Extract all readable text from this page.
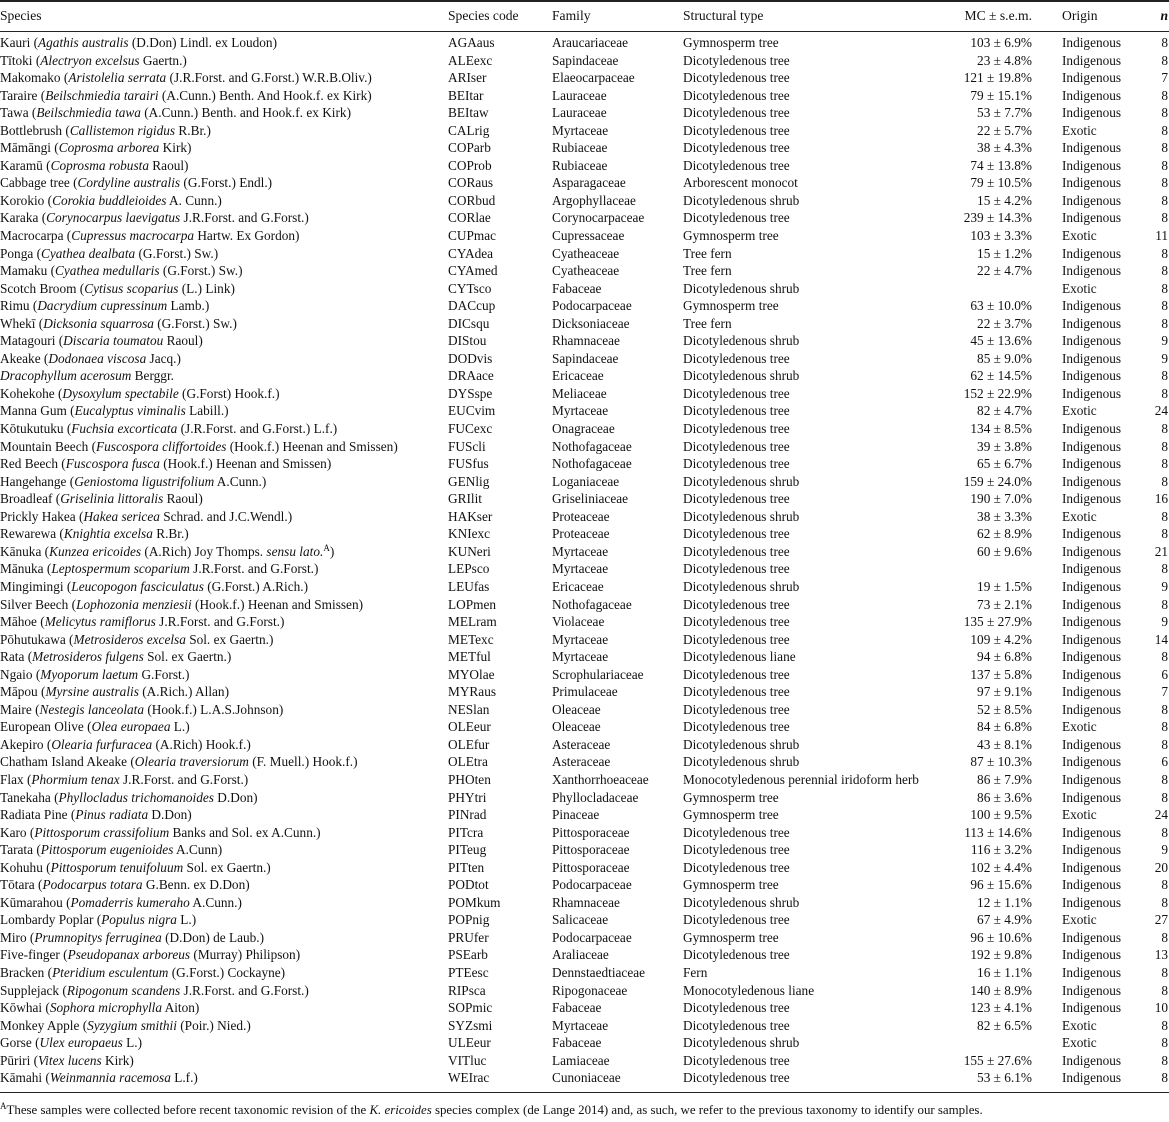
Species	Species code Family	Structural type	MC ± s.e.m. Origin	n
Kauri (Agathis australis (D.Don) Lindl. ex Loudon)	AGAaus	Araucariaceae	Gymnosperm tree	103 ± 6.9% Indigenous	8
Tītoki (Alectryon excelsus Gaertn.)	ALEexc	Sapindaceae	Dicotyledenous tree	23 ± 4.8% Indigenous	8
Makomako (Aristolelia serrata (J.R.Forst. and G.Forst.) W.R.B.Oliv.)	ARIser	Elaeocarpaceae	Dicotyledenous tree	121 ± 19.8% Indigenous	7
Taraire (Beilschmiedia tarairi (A.Cunn.) Benth. And Hook.f. ex Kirk)	BEItar	Lauraceae	Dicotyledenous tree	79 ± 15.1% Indigenous	8
Tawa (Beilschmiedia tawa (A.Cunn.) Benth. and Hook.f. ex Kirk)	BEItaw	Lauraceae	Dicotyledenous tree	53 ± 7.7% Indigenous	8
Bottlebrush (Callistemon rigidus R.Br.)	CALrig	Myrtaceae	Dicotyledenous tree	22 ± 5.7% Exotic	8
Māmāngi (Coprosma arborea Kirk)	COParb	Rubiaceae	Dicotyledenous tree	38 ± 4.3% Indigenous	8
Karamū (Coprosma robusta Raoul)	COProb	Rubiaceae	Dicotyledenous tree	74 ± 13.8% Indigenous	8
Cabbage tree (Cordyline australis (G.Forst.) Endl.)	CORaus	Asparagaceae	Arborescent monocot	79 ± 10.5% Indigenous	8
Korokio (Corokia buddleioides A. Cunn.)	CORbud	Argophyllaceae	Dicotyledenous shrub	15 ± 4.2% Indigenous	8
Karaka (Corynocarpus laevigatus J.R.Forst. and G.Forst.)	CORlae	Corynocarpaceae	Dicotyledenous tree	239 ± 14.3% Indigenous	8
Macrocarpa (Cupressus macrocarpa Hartw. Ex Gordon)	CUPmac	Cupressaceae	Gymnosperm tree	103 ± 3.3% Exotic	11
Ponga (Cyathea dealbata (G.Forst.) Sw.)	CYAdea	Cyatheaceae	Tree fern	15 ± 1.2% Indigenous	8
Mamaku (Cyathea medullaris (G.Forst.) Sw.)	CYAmed	Cyatheaceae	Tree fern	22 ± 4.7% Indigenous	8
Scotch Broom (Cytisus scoparius (L.) Link)	CYTsco	Fabaceae	Dicotyledenous shrub	Exotic	8
Rimu (Dacrydium cupressinum Lamb.)	DACcup	Podocarpaceae	Gymnosperm tree	63 ± 10.0% Indigenous	8
Whekī (Dicksonia squarrosa (G.Forst.) Sw.)	DICsqu	Dicksoniaceae	Tree fern	22 ± 3.7% Indigenous	8
Matagouri (Discaria toumatou Raoul)	DIStou	Rhamnaceae	Dicotyledenous shrub	45 ± 13.6% Indigenous	9
Akeake (Dodonaea viscosa Jacq.)	DODvis	Sapindaceae	Dicotyledenous tree	85 ± 9.0% Indigenous	9
Dracophyllum acerosum Berggr.	DRAace	Ericaceae	Dicotyledenous shrub	62 ± 14.5% Indigenous	8
Kohekohe (Dysoxylum spectabile (G.Forst) Hook.f.)	DYSspe	Meliaceae	Dicotyledenous tree	152 ± 22.9% Indigenous	8
Manna Gum (Eucalyptus viminalis Labill.)	EUCvim	Myrtaceae	Dicotyledenous tree	82 ± 4.7% Exotic	24
Kōtukutuku (Fuchsia excorticata (J.R.Forst. and G.Forst.) L.f.)	FUCexc	Onagraceae	Dicotyledenous tree	134 ± 8.5% Indigenous	8
Mountain Beech (Fuscospora cliffortoides (Hook.f.) Heenan and Smissen)	FUScli	Nothofagaceae	Dicotyledenous tree	39 ± 3.8% Indigenous	8
Red Beech (Fuscospora fusca (Hook.f.) Heenan and Smissen)	FUSfus	Nothofagaceae	Dicotyledenous tree	65 ± 6.7% Indigenous	8
Hangehange (Geniostoma ligustrifolium A.Cunn.)	GENlig	Loganiaceae	Dicotyledenous shrub	159 ± 24.0% Indigenous	8
Broadleaf (Griselinia littoralis Raoul)	GRIlit	Griseliniaceae	Dicotyledenous tree	190 ± 7.0% Indigenous	16
Prickly Hakea (Hakea sericea Schrad. and J.C.Wendl.)	HAKser	Proteaceae	Dicotyledenous shrub	38 ± 3.3% Exotic	8
Rewarewa (Knightia excelsa R.Br.)	KNIexc	Proteaceae	Dicotyledenous tree	62 ± 8.9% Indigenous	8
Kānuka (Kunzea ericoides (A.Rich) Joy Thomps. sensu lato.$^A$)	KUNeri	Myrtaceae	Dicotyledenous tree	60 ± 9.6% Indigenous	21
Mānuka (Leptospermum scoparium J.R.Forst. and G.Forst.)	LEPsco	Myrtaceae	Dicotyledenous tree	Indigenous	8
Mingimingi (Leucopogon fasciculatus (G.Forst.) A.Rich.)	LEUfas	Ericaceae	Dicotyledenous shrub	19 ± 1.5% Indigenous	9
Silver Beech (Lophozonia menziesii (Hook.f.) Heenan and Smissen)	LOPmen	Nothofagaceae	Dicotyledenous tree	73 ± 2.1% Indigenous	8
Māhoe (Melicytus ramiflorus J.R.Forst. and G.Forst.)	MELram	Violaceae	Dicotyledenous tree	135 ± 27.9% Indigenous	9
Pōhutukawa (Metrosideros excelsa Sol. ex Gaertn.)	METexc	Myrtaceae	Dicotyledenous tree	109 ± 4.2% Indigenous	14
Rata (Metrosideros fulgens Sol. ex Gaertn.)	METful	Myrtaceae	Dicotyledenous liane	94 ± 6.8% Indigenous	8
Ngaio (Myoporum laetum G.Forst.)	MYOlae	Scrophulariaceae	Dicotyledenous tree	137 ± 5.8% Indigenous	6
Māpou (Myrsine australis (A.Rich.) Allan)	MYRaus	Primulaceae	Dicotyledenous tree	97 ± 9.1% Indigenous	7
Maire (Nestegis lanceolata (Hook.f.) L.A.S.Johnson)	NESlan	Oleaceae	Dicotyledenous tree	52 ± 8.5% Indigenous	8
European Olive (Olea europaea L.)	OLEeur	Oleaceae	Dicotyledenous tree	84 ± 6.8% Exotic	8
Akepiro (Olearia furfuracea (A.Rich) Hook.f.)	OLEfur	Asteraceae	Dicotyledenous shrub	43 ± 8.1% Indigenous	8
Chatham Island Akeake (Olearia traversiorum (F. Muell.) Hook.f.)	OLEtra	Asteraceae	Dicotyledenous shrub	87 ± 10.3% Indigenous	6
Flax (Phormium tenax J.R.Forst. and G.Forst.)	PHOten	Xanthorrhoeaceae	Monocotyledenous perennial iridoform herb	86 ± 7.9% Indigenous	8
Tanekaha (Phyllocladus trichomanoides D.Don)	PHYtri	Phyllocladaceae	Gymnosperm tree	86 ± 3.6% Indigenous	8
Radiata Pine (Pinus radiata D.Don)	PINrad	Pinaceae	Gymnosperm tree	100 ± 9.5% Exotic	24
Karo (Pittosporum crassifolium Banks and Sol. ex A.Cunn.)	PITcra	Pittosporaceae	Dicotyledenous tree	113 ± 14.6% Indigenous	8
Tarata (Pittosporum eugenioides A.Cunn)	PITeug	Pittosporaceae	Dicotyledenous tree	116 ± 3.2% Indigenous	9
Kohuhu (Pittosporum tenuifoluum Sol. ex Gaertn.)	PITten	Pittosporaceae	Dicotyledenous tree	102 ± 4.4% Indigenous	20
Tōtara (Podocarpus totara G.Benn. ex D.Don)	PODtot	Podocarpaceae	Gymnosperm tree	96 ± 15.6% Indigenous	8
Kūmarahou (Pomaderris kumeraho A.Cunn.)	POMkum	Rhamnaceae	Dicotyledenous shrub	12 ± 1.1% Indigenous	8
Lombardy Poplar (Populus nigra L.)	POPnig	Salicaceae	Dicotyledenous tree	67 ± 4.9% Exotic	27
Miro (Prumnopitys ferruginea (D.Don) de Laub.)	PRUfer	Podocarpaceae	Gymnosperm tree	96 ± 10.6% Indigenous	8
Five-finger (Pseudopanax arboreus (Murray) Philipson)	PSEarb	Araliaceae	Dicotyledenous tree	192 ± 9.8% Indigenous	13
Bracken (Pteridium esculentum (G.Forst.) Cockayne)	PTEesc	Dennstaedtiaceae	Fern	16 ± 1.1% Indigenous	8
Supplejack (Ripogonum scandens J.R.Forst. and G.Forst.)	RIPsca	Ripogonaceae	Monocotyledenous liane	140 ± 8.9% Indigenous	8
Kōwhai (Sophora microphylla Aiton)	SOPmic	Fabaceae	Dicotyledenous tree	123 ± 4.1% Indigenous	10
Monkey Apple (Syzygium smithii (Poir.) Nied.)	SYZsmi	Myrtaceae	Dicotyledenous tree	82 ± 6.5% Exotic	8
Gorse (Ulex europaeus L.)	ULEeur	Fabaceae	Dicotyledenous shrub	Exotic	8
Pūriri (Vitex lucens Kirk)	VITluc	Lamiaceae	Dicotyledenous tree	155 ± 27.6% Indigenous	8
Kāmahi (Weinmannia racemosa L.f.)	WEIrac	Cunoniaceae	Dicotyledenous tree	53 ± 6.1% Indigenous	8
$^A$These samples were collected before recent taxonomic revision of the K. ericoides species complex (de Lange 2014) and, as such, we refer to the previous taxonomy to identify our samples.
